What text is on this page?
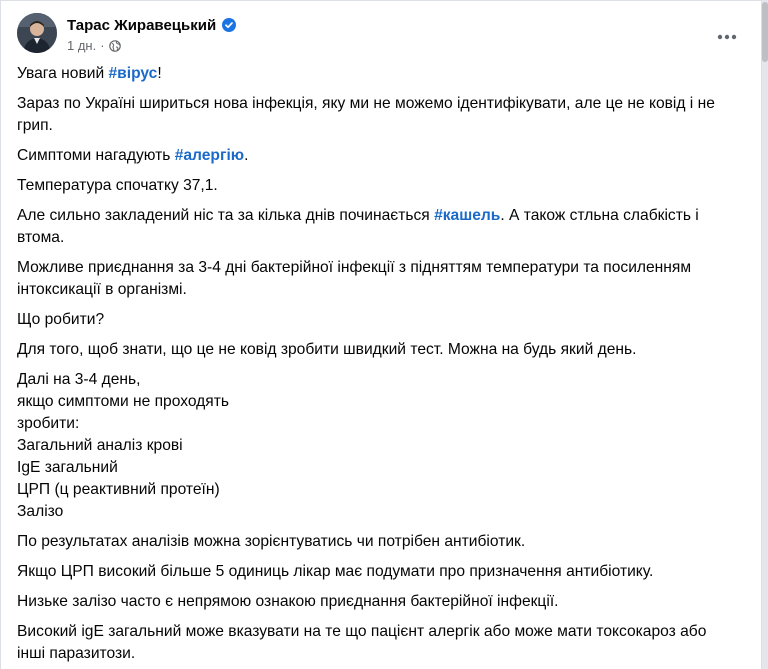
Тарас Жиравецький
1 дн. ·
Увага новий #вірус!
Зараз по Україні шириться нова інфекція, яку ми не можемо ідентифікувати, але це не ковід і не грип.
Симптоми нагадують #алергію.
Температура спочатку 37,1.
Але сильно закладений ніс та за кілька днів починається #кашель. А також стльна слабкість і втома.
Можливе приєднання за 3-4 дні бактерійної інфекції з підняттям температури та посиленням інтоксикації в організмі.
Що робити?
Для того, щоб знати, що це не ковід зробити швидкий тест. Можна на будь який день.
Далі на 3-4 день,
якщо симптоми не проходять
зробити:
Загальний аналіз крові
IgE загальний
ЦРП (ц реактивний протеїн)
Залізо
По результатах аналізів можна зорієнтуватись чи потрібен антибіотик.
Якщо ЦРП високий більше 5 одиниць лікар має подумати про призначення антибіотику.
Низьке залізо часто є непрямою ознакою приєднання бактерійної інфекції.
Високий igE загальний може вказувати на те що пацієнт алергік або може мати токсокароз або інші паразитози.
